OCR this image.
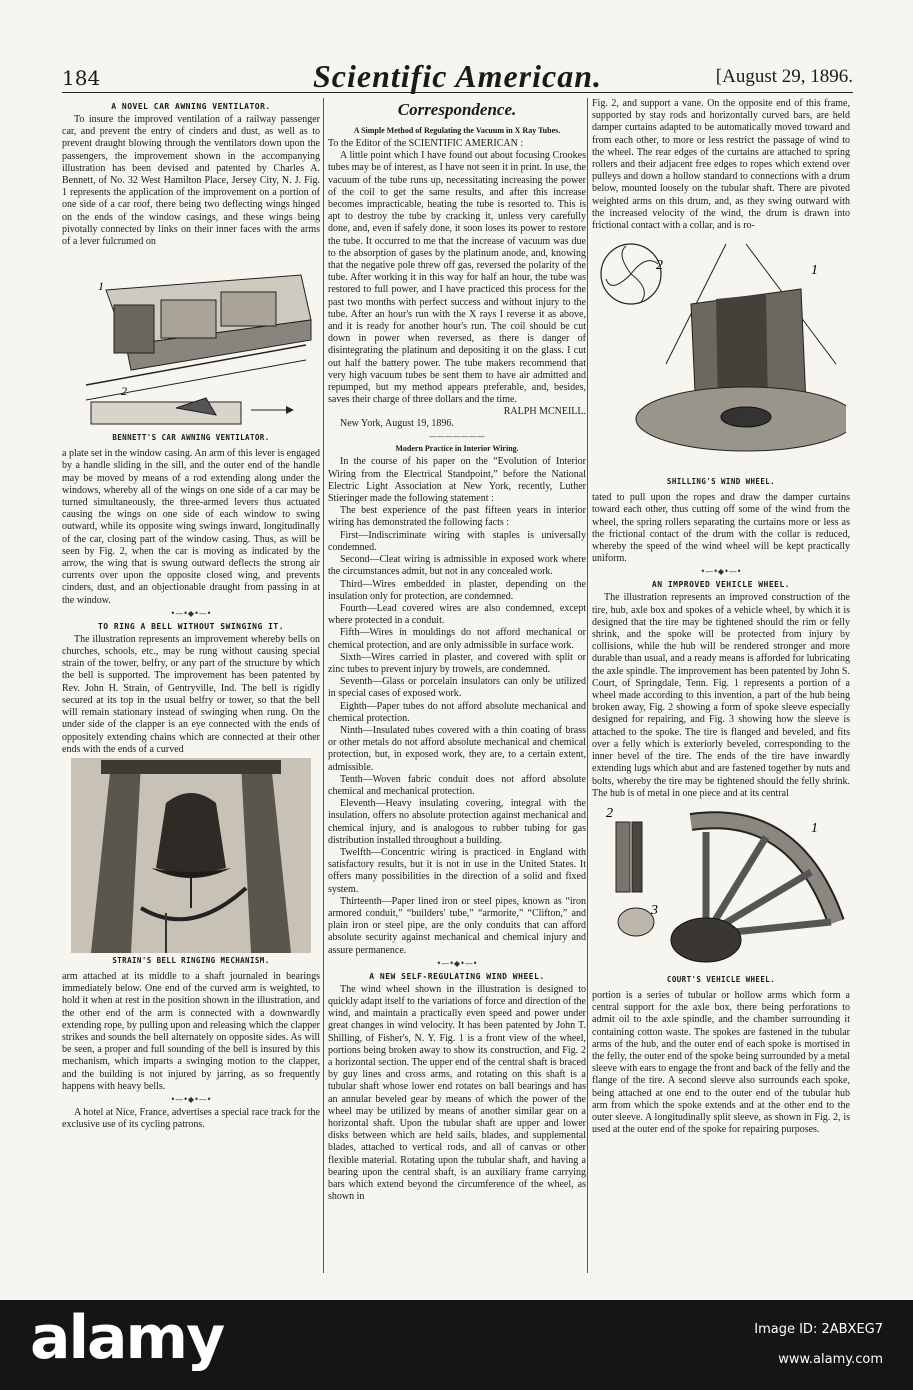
184	Scientific American.	[August 29, 1896.
A NOVEL CAR AWNING VENTILATOR.

To insure the improved ventilation of a railway passenger car, and prevent the entry of cinders and dust, as well as to prevent draught blowing through the ventilators down upon the passengers, the improvement shown in the accompanying illustration has been devised and patented by Charles A. Bennett, of No. 32 West Hamilton Place, Jersey City, N. J. Fig. 1 represents the application of the improvement on a portion of one side of a car roof, there being two deflecting wings hinged on the ends of the window casings, and these wings being pivotally connected by links on their inner faces with the arms of a lever fulcrumed on

1
2
BENNETT'S CAR AWNING VENTILATOR.

a plate set in the window casing. An arm of this lever is engaged by a handle sliding in the sill, and the outer end of the handle may be moved by means of a rod extending along under the windows, whereby all of the wings on one side of a car may be turned simultaneously, the three-armed levers thus actuated causing the wings on one side of each window to swing outward, while its opposite wing swings inward, longitudinally of the car, closing part of the window casing. Thus, as will be seen by Fig. 2, when the car is moving as indicated by the arrow, the wing that is swung outward deflects the strong air currents over upon the opposite closed wing, and prevents cinders, dust, and an objectionable draught from passing in at the window.

•—•◆•—•
TO RING A BELL WITHOUT SWINGING IT.

The illustration represents an improvement whereby bells on churches, schools, etc., may be rung without causing special strain of the tower, belfry, or any part of the structure by which the bell is supported. The improvement has been patented by Rev. John H. Strain, of Gentryville, Ind. The bell is rigidly secured at its top in the usual belfry or tower, so that the bell will remain stationary instead of swinging when rung. On the under side of the clapper is an eye connected with the ends of oppositely extending chains which are connected at their other ends with the ends of a curved

STRAIN'S BELL RINGING MECHANISM.

arm attached at its middle to a shaft journaled in bearings immediately below. One end of the curved arm is weighted, to hold it when at rest in the position shown in the illustration, and the other end of the arm is connected with a downwardly extending rope, by pulling upon and releasing which the clapper strikes and sounds the bell alternately on opposite sides. As will be seen, a proper and full sounding of the bell is insured by this mechanism, which imparts a swinging motion to the clapper, and the building is not injured by jarring, as so frequently happens with heavy bells.

•—•◆•—•

A hotel at Nice, France, advertises a special race track for the exclusive use of its cycling patrons.

Correspondence.
A Simple Method of Regulating the Vacuum in X Ray Tubes.

To the Editor of the SCIENTIFIC AMERICAN :

A little point which I have found out about focusing Crookes tubes may be of interest, as I have not seen it in print. In use, the vacuum of the tube runs up, necessitating increasing the power of the coil to get the same results, and after this increase becomes impracticable, heating the tube is resorted to. This is apt to destroy the tube by cracking it, unless very carefully done, and, even if safely done, it soon loses its power to restore the tube. It occurred to me that the increase of vacuum was due to the absorption of gases by the platinum anode, and, knowing that the negative pole threw off gas, reversed the polarity of the tube. After working it in this way for half an hour, the tube was restored to full power, and I have practiced this process for the past two months with perfect success and without injury to the tube. After an hour's run with the X rays I reverse it as above, and it is ready for another hour's run. The coil should be cut down in power when reversed, as there is danger of disintegrating the platinum and depositing it on the glass. I cut out half the battery power. The tube makers recommend that very high vacuum tubes be sent them to have air admitted and repumped, but my method appears preferable, and, besides, saves their charge of three dollars and the time.

RALPH MCNEILL.
New York, August 19, 1896.
———————
Modern Practice in Interior Wiring.

In the course of his paper on the “Evolution of Interior Wiring from the Electrical Standpoint,” before the National Electric Light Association at New York, recently, Luther Stieringer made the following statement :

The best experience of the past fifteen years in interior wiring has demonstrated the following facts :

First—Indiscriminate wiring with staples is universally condemned.

Second—Cleat wiring is admissible in exposed work where the circumstances admit, but not in any concealed work.

Third—Wires embedded in plaster, depending on the insulation only for protection, are condemned.

Fourth—Lead covered wires are also condemned, except where protected in a conduit.

Fifth—Wires in mouldings do not afford mechanical or chemical protection, and are only admissible in surface work.

Sixth—Wires carried in plaster, and covered with split or zinc tubes to prevent injury by trowels, are condemned.

Seventh—Glass or porcelain insulators can only be utilized in special cases of exposed work.

Eighth—Paper tubes do not afford absolute mechanical and chemical protection.

Ninth—Insulated tubes covered with a thin coating of brass or other metals do not afford absolute mechanical and chemical protection, but, in exposed work, they are, to a certain extent, admissible.

Tenth—Woven fabric conduit does not afford absolute chemical and mechanical protection.

Eleventh—Heavy insulating covering, integral with the insulation, offers no absolute protection against mechanical and chemical injury, and is analogous to rubber tubing for gas distribution installed throughout a building.

Twelfth—Concentric wiring is practiced in England with satisfactory results, but it is not in use in the United States. It offers many possibilities in the direction of a solid and fixed system.

Thirteenth—Paper lined iron or steel pipes, known as “iron armored conduit,” “builders' tube,” “armorite,” “Clifton,” and plain iron or steel pipe, are the only conduits that can afford absolute security against mechanical and chemical injury and assure permanence.

•—•◆•—•
A NEW SELF-REGULATING WIND WHEEL.

The wind wheel shown in the illustration is designed to quickly adapt itself to the variations of force and direction of the wind, and maintain a practically even speed and power under great changes in wind velocity. It has been patented by John T. Shilling, of Fisher's, N. Y. Fig. 1 is a front view of the wheel, portions being broken away to show its construction, and Fig. 2 a horizontal section. The upper end of the central shaft is braced by guy lines and cross arms, and rotating on this shaft is a tubular shaft whose lower end rotates on ball bearings and has an annular beveled gear by means of which the power of the wheel may be utilized by means of another similar gear on a horizontal shaft. Upon the tubular shaft are upper and lower disks between which are held sails, blades, and supplemental blades, attached to vertical rods, and all of canvas or other flexible material. Rotating upon the tubular shaft, and having a bearing upon the central shaft, is an auxiliary frame carrying bars which extend beyond the circumference of the wheel, as shown in

Fig. 2, and support a vane. On the opposite end of this frame, supported by stay rods and horizontally curved bars, are held damper curtains adapted to be automatically moved toward and from each other, to more or less restrict the passage of wind to the wheel. The rear edges of the curtains are attached to spring rollers and their adjacent free edges to ropes which extend over pulleys and down a hollow standard to connections with a drum below, mounted loosely on the tubular shaft. There are pivoted weighted arms on this drum, and, as they swing outward with the increased velocity of the wind, the drum is drawn into frictional contact with a collar, and is ro-

2	1
SHILLING'S WIND WHEEL.

tated to pull upon the ropes and draw the damper curtains toward each other, thus cutting off some of the wind from the wheel, the spring rollers separating the curtains more or less as the frictional contact of the drum with the collar is reduced, whereby the speed of the wind wheel will be kept practically uniform.

•—•◆•—•
AN IMPROVED VEHICLE WHEEL.

The illustration represents an improved construction of the tire, hub, axle box and spokes of a vehicle wheel, by which it is designed that the tire may be tightened should the rim or felly shrink, and the spoke will be protected from injury by collisions, while the hub will be rendered stronger and more durable than usual, and a ready means is afforded for lubricating the axle spindle. The improvement has been patented by John S. Court, of Springdale, Tenn. Fig. 1 represents a portion of a wheel made according to this invention, a part of the hub being broken away, Fig. 2 showing a form of spoke sleeve especially designed for repairing, and Fig. 3 showing how the sleeve is attached to the spoke. The tire is flanged and beveled, and fits over a felly which is exteriorly beveled, corresponding to the inner bevel of the tire. The ends of the tire have inwardly extending lugs which abut and are fastened together by nuts and bolts, whereby the tire may be tightened should the felly shrink. The hub is of metal in one piece and at its central

2
1
3
COURT'S VEHICLE WHEEL.

portion is a series of tubular or hollow arms which form a central support for the axle box, there being perforations to admit oil to the axle spindle, and the chamber surrounding it containing cotton waste. The spokes are fastened in the tubular arms of the hub, and the outer end of each spoke is mortised in the felly, the outer end of the spoke being surrounded by a metal sleeve with ears to engage the front and back of the felly and the flange of the tire. A second sleeve also surrounds each spoke, being attached at one end to the outer end of the tubular hub arm from which the spoke extends and at the other end to the outer sleeve. A longitudinally split sleeve, as shown in Fig. 2, is used at the outer end of the spoke for repairing purposes.

alamy	Image ID: 2ABXEG7
www.alamy.com
